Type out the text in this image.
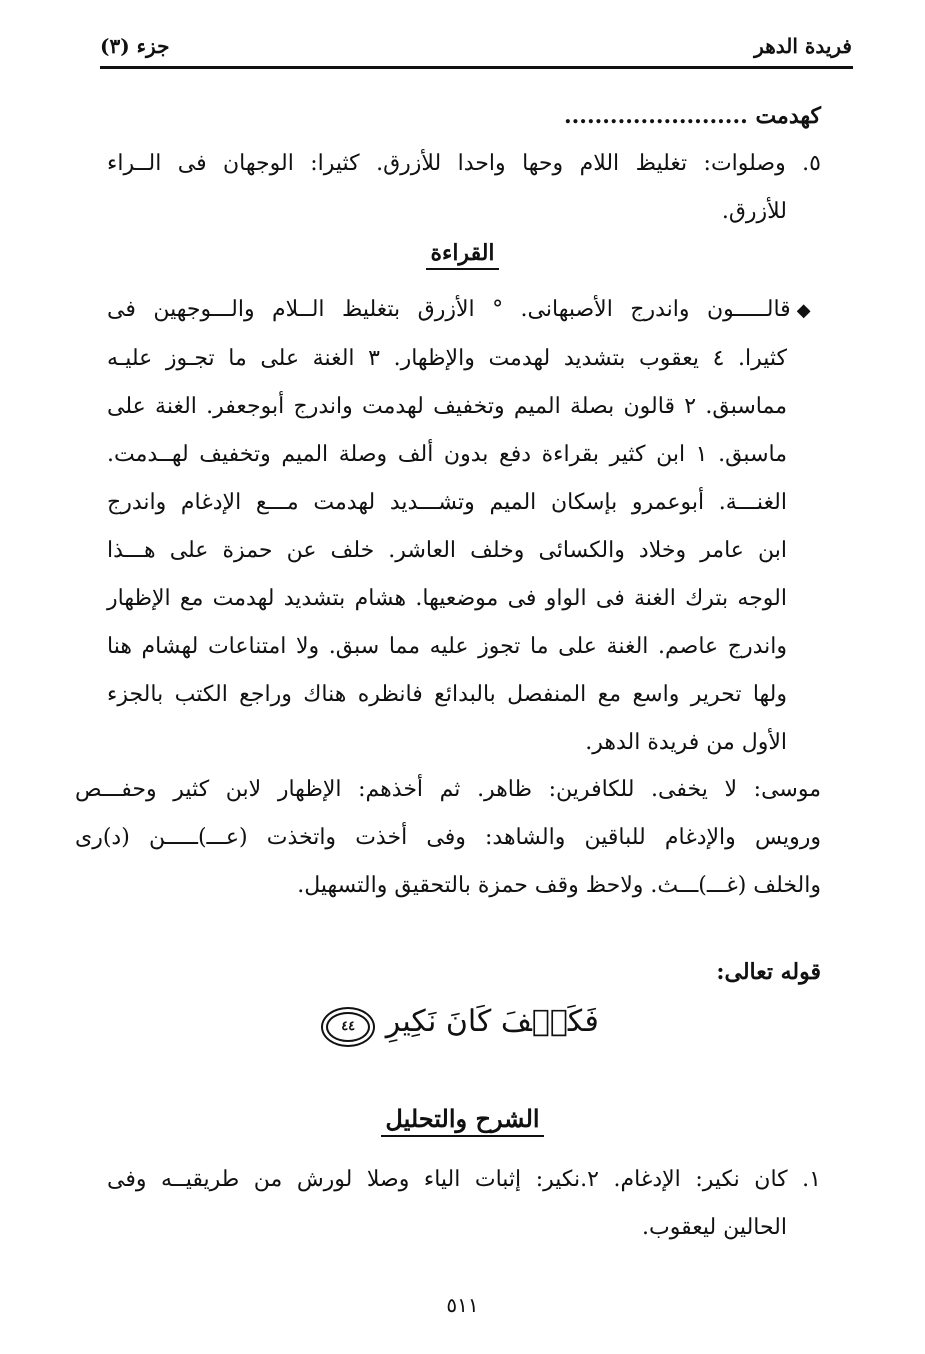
فريدة الدهر
جزء (٣)
كهدمت ........................
٥. وصلوات: تغليظ اللام وحها واحدا للأزرق. كثيرا: الوجهان فى الــراء
للأزرق.
القراءة
◆قالـــــون واندرج الأصبهانى. ° الأزرق بتغليظ الــلام والـــوجهين فى
كثيرا. ٤ يعقوب بتشديد لهدمت والإظهار. ٣ الغنة على ما تجـوز عليـه
مماسبق. ٢ قالون بصلة الميم وتخفيف لهدمت واندرج أبوجعفر. الغنة على
ماسبق. ١ ابن كثير بقراءة دفع بدون ألف وصلة الميم وتخفيف لهــدمت.
الغنـــة. أبوعمرو بإسكان الميم وتشـــديد لهدمت مـــع الإدغام واندرج
ابن عامر وخلاد والكسائى وخلف العاشر. خلف عن حمزة على هـــذا
الوجه بترك الغنة فى الواو فى موضعيها. هشام بتشديد لهدمت مع الإظهار
واندرج عاصم. الغنة على ما تجوز عليه مما سبق. ولا امتناعات لهشام هنا
ولها تحرير واسع مع المنفصل بالبدائع فانظره هناك وراجع الكتب بالجزء
الأول من فريدة الدهر.
موسى: لا يخفى. للكافرين: ظاهر. ثم أخذهم: الإظهار لابن كثير وحفـــص
ورويس والإدغام للباقين والشاهد: وفى أخذت واتخذت (عـــ)ـــــن (د)رى
والخلف (غـــ)ـــث. ولاحظ وقف حمزة بالتحقيق والتسهيل.
قوله تعالى:
فَكَيۡفَ كَانَ نَكِيرِ ٤٤
الشرح والتحليل
١. كان نكير: الإدغام. ٢.نكير: إثبات الياء وصلا لورش من طريقيــه وفى
الحالين ليعقوب.
٥١١
